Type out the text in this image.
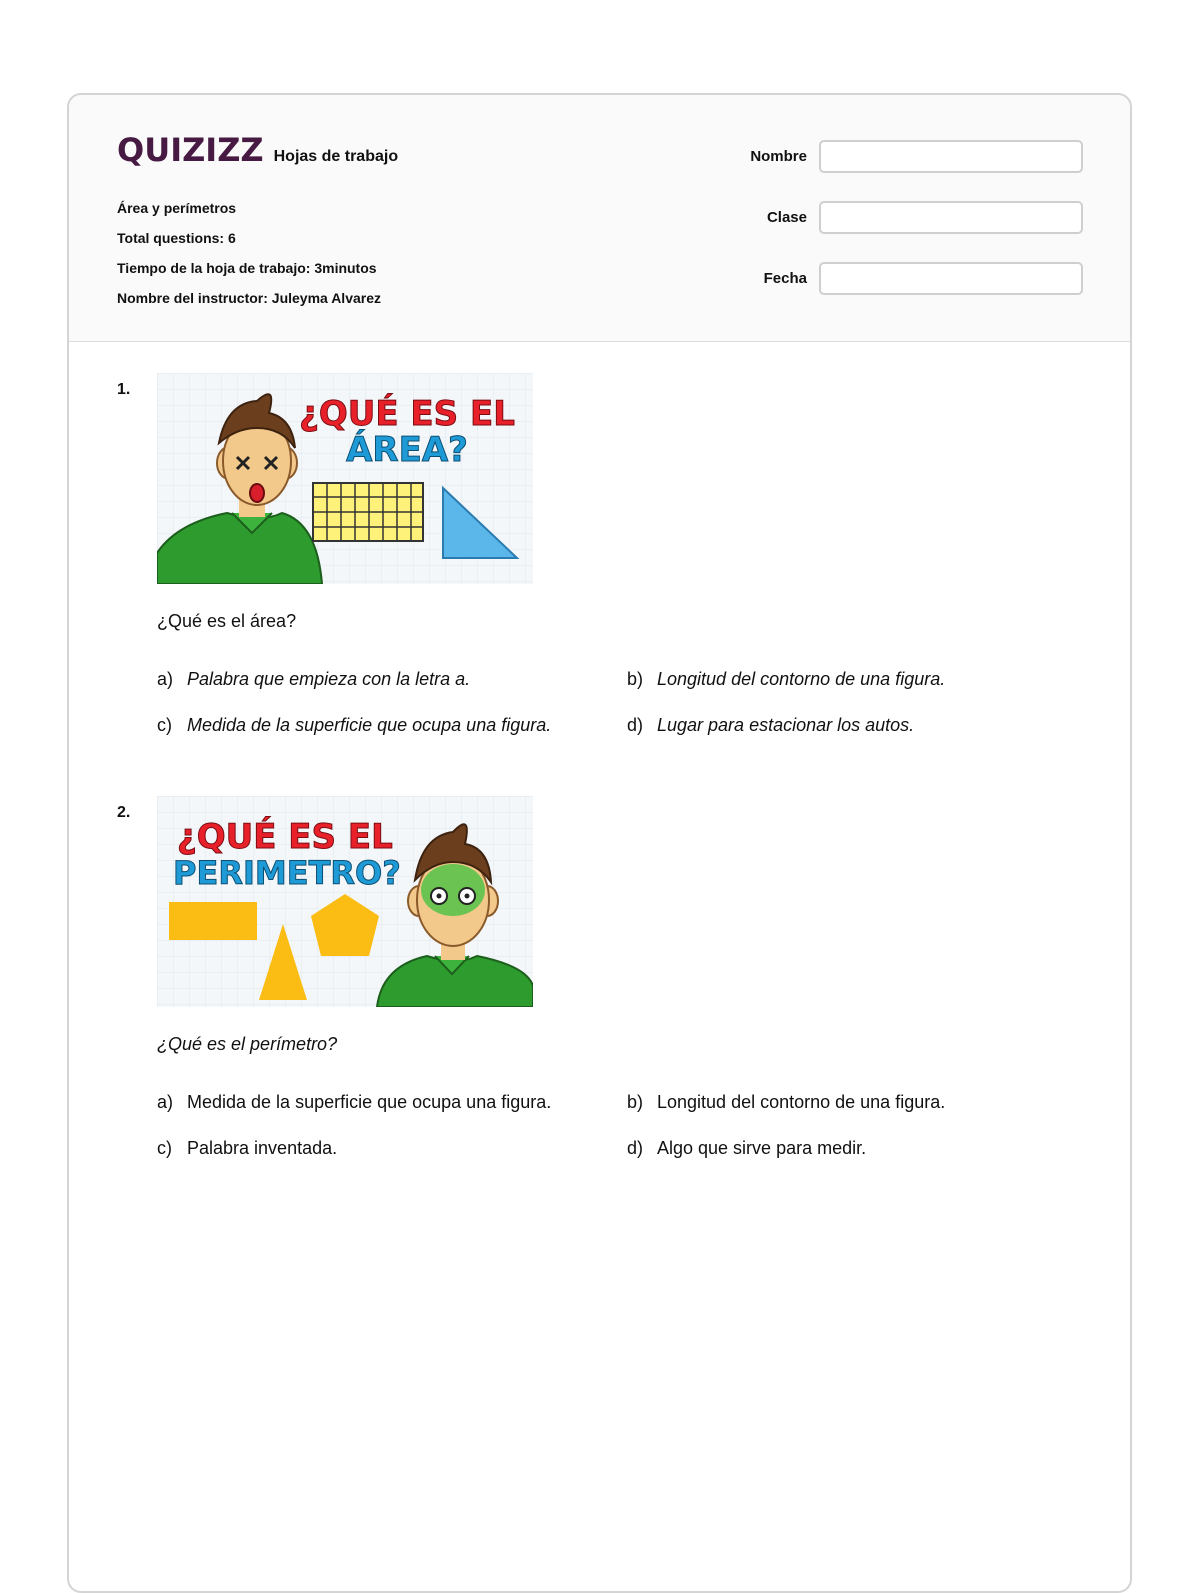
QUIZIZZ Hojas de trabajo
Área y perímetros
Total questions: 6
Tiempo de la hoja de trabajo: 3minutos
Nombre del instructor: Juleyma Alvarez
Nombre
Clase
Fecha
1.
¿QUÉ ES EL
ÁREA?
¿Qué es el área?
a) Palabra que empieza con la letra a.	b) Longitud del contorno de una figura.
c) Medida de la superficie que ocupa una figura.	d) Lugar para estacionar los autos.
2.
¿QUÉ ES EL
PERIMETRO?
¿Qué es el perímetro?
a) Medida de la superficie que ocupa una figura.	b) Longitud del contorno de una figura.
c) Palabra inventada.	d) Algo que sirve para medir.
